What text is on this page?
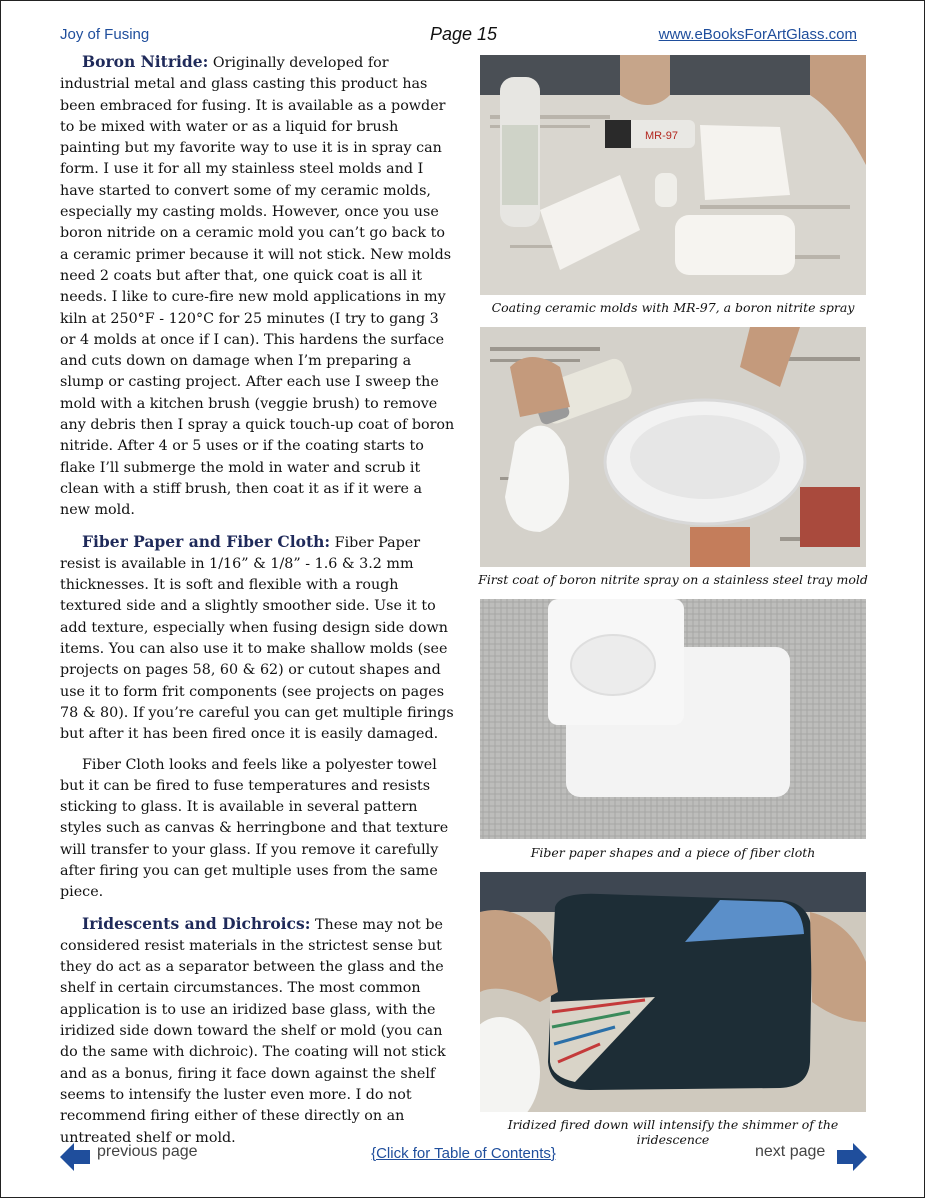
Joy of Fusing	Page 15	www.eBooksForArtGlass.com

Boron Nitride: Originally developed for industrial metal and glass casting this product has been embraced for fusing. It is available as a powder to be mixed with water or as a liquid for brush painting but my favorite way to use it is in spray can form. I use it for all my stainless steel molds and I have started to convert some of my ceramic molds, especially my casting molds. However, once you use boron nitride on a ceramic mold you can’t go back to a ceramic primer because it will not stick. New molds need 2 coats but after that, one quick coat is all it needs. I like to cure-fire new mold applications in my kiln at 250°F - 120°C for 25 minutes (I try to gang 3 or 4 molds at once if I can). This hardens the surface and cuts down on damage when I’m preparing a slump or casting project. After each use I sweep the mold with a kitchen brush (veggie brush) to remove any debris then I spray a quick touch-up coat of boron nitride. After 4 or 5 uses or if the coating starts to flake I’ll submerge the mold in water and scrub it clean with a stiff brush, then coat it as if it were a new mold.

Fiber Paper and Fiber Cloth: Fiber Paper resist is available in 1/16” & 1/8” - 1.6 & 3.2 mm thicknesses. It is soft and flexible with a rough textured side and a slightly smoother side. Use it to add texture, especially when fusing design side down items. You can also use it to make shallow molds (see projects on pages 58, 60 & 62) or cutout shapes and use it to form frit components (see projects on pages 78 & 80). If you’re careful you can get multiple firings but after it has been fired once it is easily damaged.

Fiber Cloth looks and feels like a polyester towel but it can be fired to fuse temperatures and resists sticking to glass. It is available in several pattern styles such as canvas & herringbone and that texture will transfer to your glass. If you remove it carefully after firing you can get multiple uses from the same piece.

Iridescents and Dichroics: These may not be considered resist materials in the strictest sense but they do act as a separator between the glass and the shelf in certain circumstances. The most common application is to use an iridized base glass, with the iridized side down toward the shelf or mold (you can do the same with dichroic). The coating will not stick and as a bonus, firing it face down against the shelf seems to intensify the luster even more. I do not recommend firing either of these directly on an untreated shelf or mold.

MR-97
Coating ceramic molds with MR-97, a boron nitrite spray
First coat of boron nitrite spray on a stainless steel tray mold
Fiber paper shapes and a piece of fiber cloth
Iridized fired down will intensify the shimmer of the iridescence
previous page	{Click for Table of Contents}	next page
